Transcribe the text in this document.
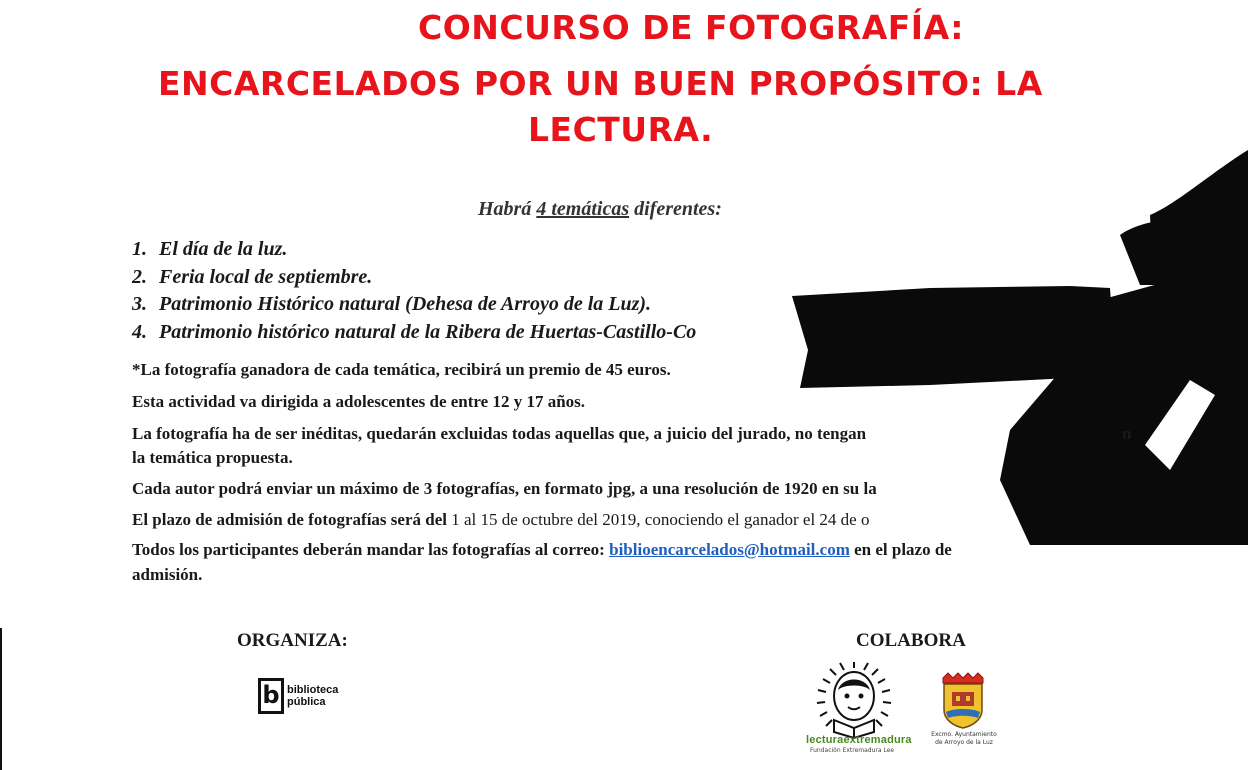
CONCURSO DE FOTOGRAFÍA:
ENCARCELADOS POR UN BUEN PROPÓSITO: LA
LECTURA.
Habrá 4 temáticas diferentes:
1. El día de la luz.
2. Feria local de septiembre.
3. Patrimonio Histórico natural (Dehesa de Arroyo de la Luz).
4. Patrimonio histórico natural de la Ribera de Huertas-Castillo-Co
*La fotografía ganadora de cada temática, recibirá un premio de 45 euros.
Esta actividad va dirigida a adolescentes de entre 12 y 17 años.
La fotografía ha de ser inéditas, quedarán excluidas todas aquellas que, a juicio del jurado, no tengan	n
la temática propuesta.
Cada autor podrá enviar un máximo de 3 fotografías, en formato jpg, a una resolución de 1920 en su la
El plazo de admisión de fotografías será del 1 al 15 de octubre del 2019, conociendo el ganador el 24 de o
Todos los participantes deberán mandar las fotografías al correo: biblioencarcelados@hotmail.com en el plazo de
admisión.
ORGANIZA:	COLABORA
b biblioteca
pública
lecturaextremadura
Fundación Extremadura Lee
Excmo. Ayuntamiento
de Arroyo de la Luz
